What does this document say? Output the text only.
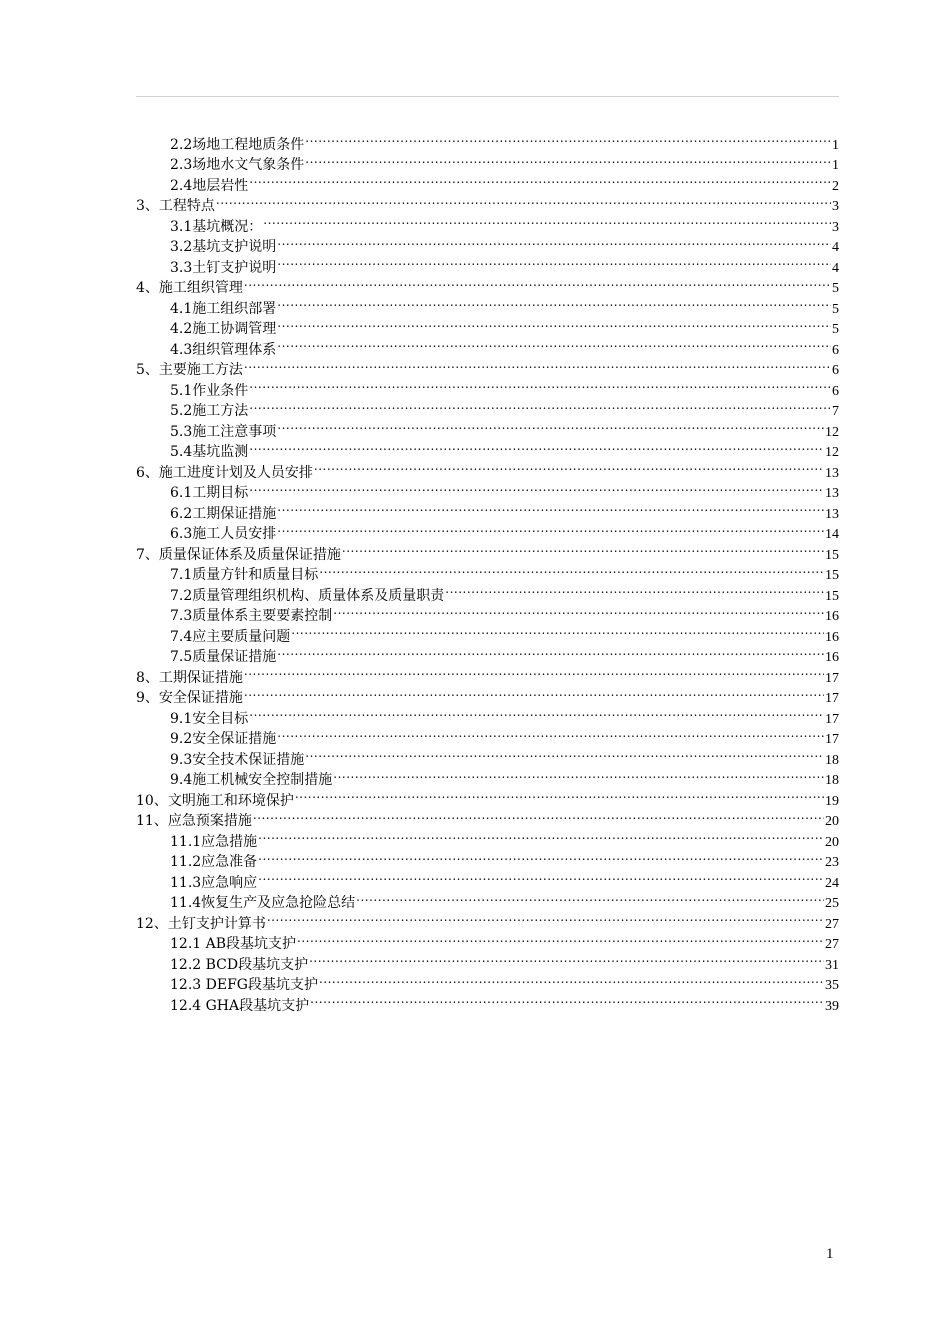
2.2场地工程地质条件 .....	1
2.3场地水文气象条件 .....	1
2.4地层岩性 .....	2
3、工程特点 .....	3
3.1基坑概况： .....	3
3.2基坑支护说明 .....	4
3.3土钉支护说明 .....	4
4、施工组织管理 .....	5
4.1施工组织部署 .....	5
4.2施工协调管理 .....	5
4.3组织管理体系 .....	6
5、主要施工方法 .....	6
5.1作业条件 .....	6
5.2施工方法 .....	7
5.3施工注意事项 .....	12
5.4基坑监测 .....	12
6、施工进度计划及人员安排 .....	13
6.1工期目标 .....	13
6.2工期保证措施 .....	13
6.3施工人员安排 .....	14
7、质量保证体系及质量保证措施 .....	15
7.1质量方针和质量目标 .....	15
7.2质量管理组织机构、质量体系及质量职责 .....	15
7.3质量体系主要要素控制 .....	16
7.4应主要质量问题 .....	16
7.5质量保证措施 .....	16
8、工期保证措施 .....	17
9、安全保证措施 .....	17
9.1安全目标 .....	17
9.2安全保证措施 .....	17
9.3安全技术保证措施 .....	18
9.4施工机械安全控制措施 .....	18
10、文明施工和环境保护 .....	19
11、应急预案措施 .....	20
11.1应急措施 .....	20
11.2应急准备 .....	23
11.3应急响应 .....	24
11.4恢复生产及应急抢险总结 .....	25
12、土钉支护计算书 .....	27
12.1 AB段基坑支护 .....	27
12.2 BCD段基坑支护 .....	31
12.3 DEFG段基坑支护 .....	35
12.4 GHA段基坑支护 .....	39
1
